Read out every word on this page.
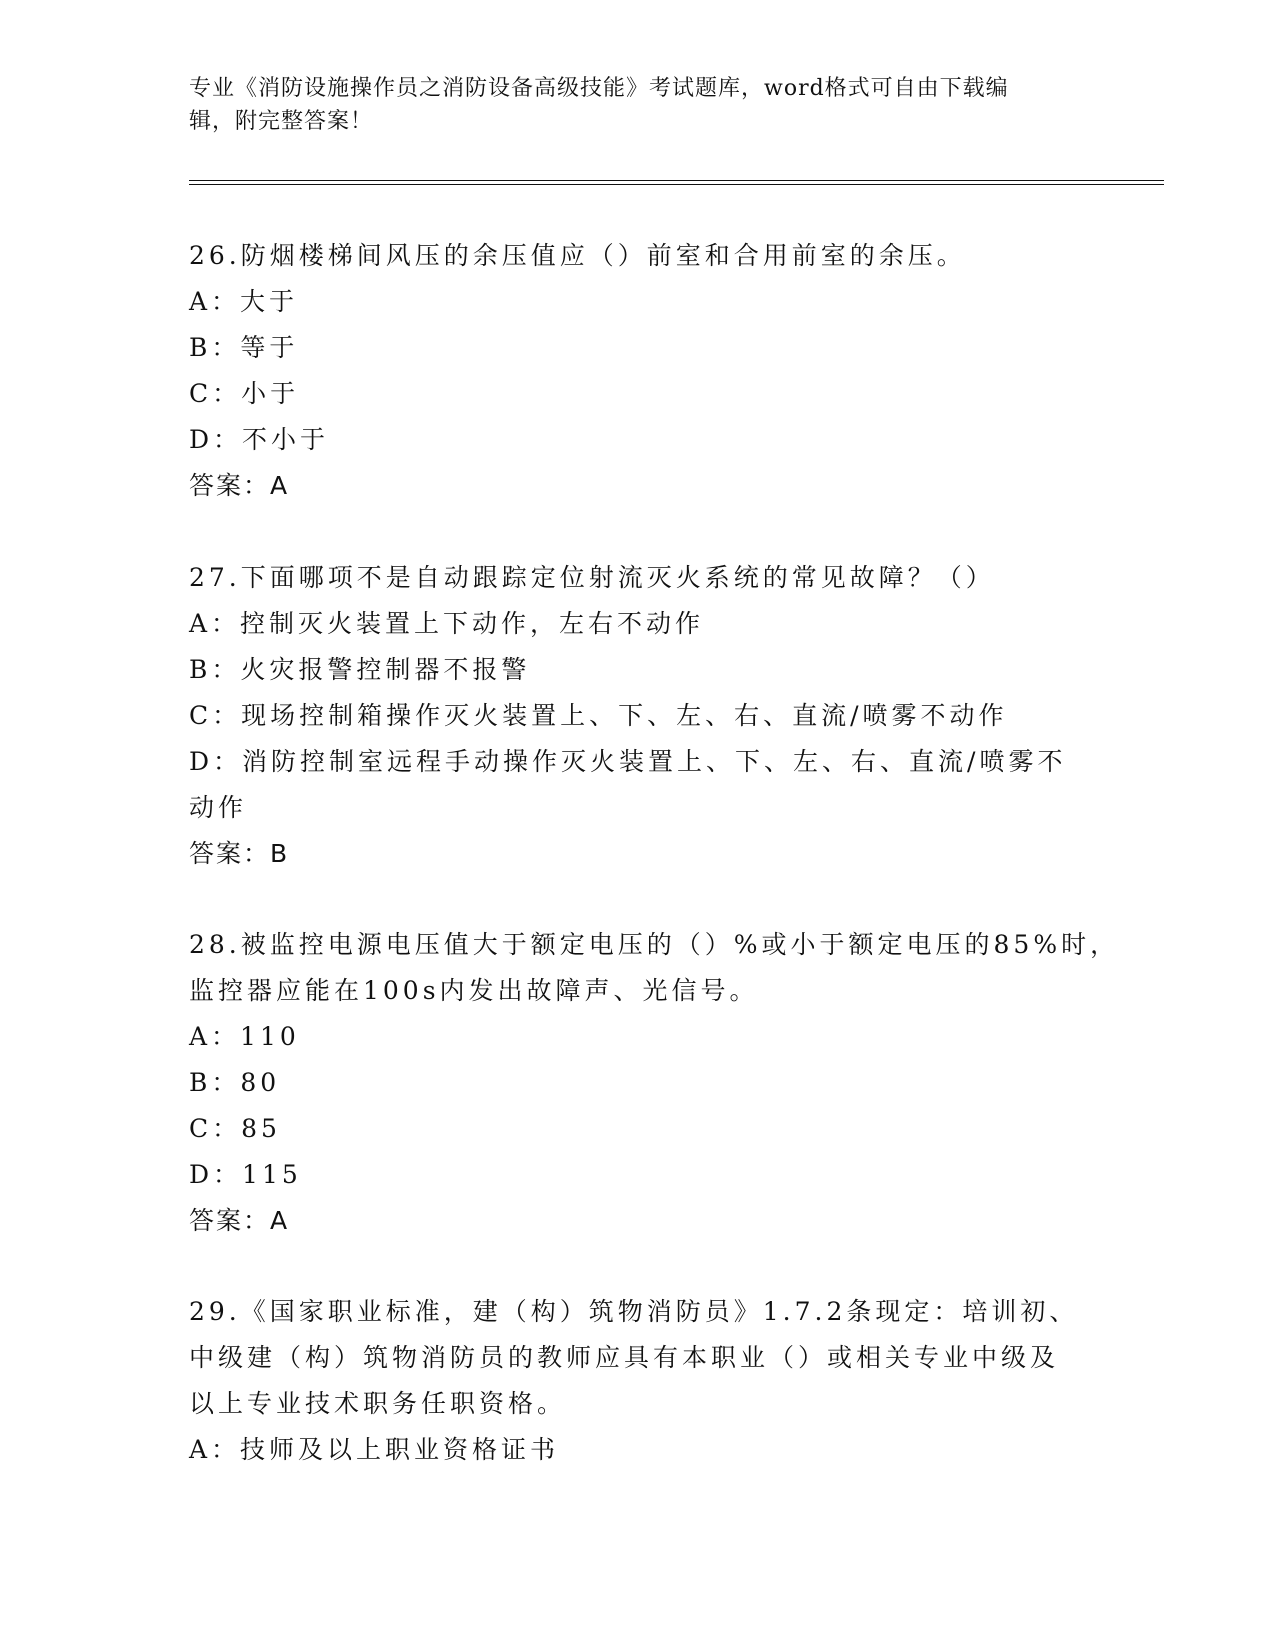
专业《消防设施操作员之消防设备高级技能》考试题库，word格式可自由下载编
辑，附完整答案！
26.防烟楼梯间风压的余压值应（）前室和合用前室的余压。
A：大于
B：等于
C：小于
D：不小于
答案：A
27.下面哪项不是自动跟踪定位射流灭火系统的常见故障？（）
A：控制灭火装置上下动作，左右不动作
B：火灾报警控制器不报警
C：现场控制箱操作灭火装置上、下、左、右、直流/喷雾不动作
D：消防控制室远程手动操作灭火装置上、下、左、右、直流/喷雾不动作
答案：B
28.被监控电源电压值大于额定电压的（）%或小于额定电压的85%时，
监控器应能在100s内发出故障声、光信号。
A：110
B：80
C：85
D：115
答案：A
29.《国家职业标准，建（构）筑物消防员》1.7.2条现定：培训初、
中级建（构）筑物消防员的教师应具有本职业（）或相关专业中级及
以上专业技术职务任职资格。
A：技师及以上职业资格证书
